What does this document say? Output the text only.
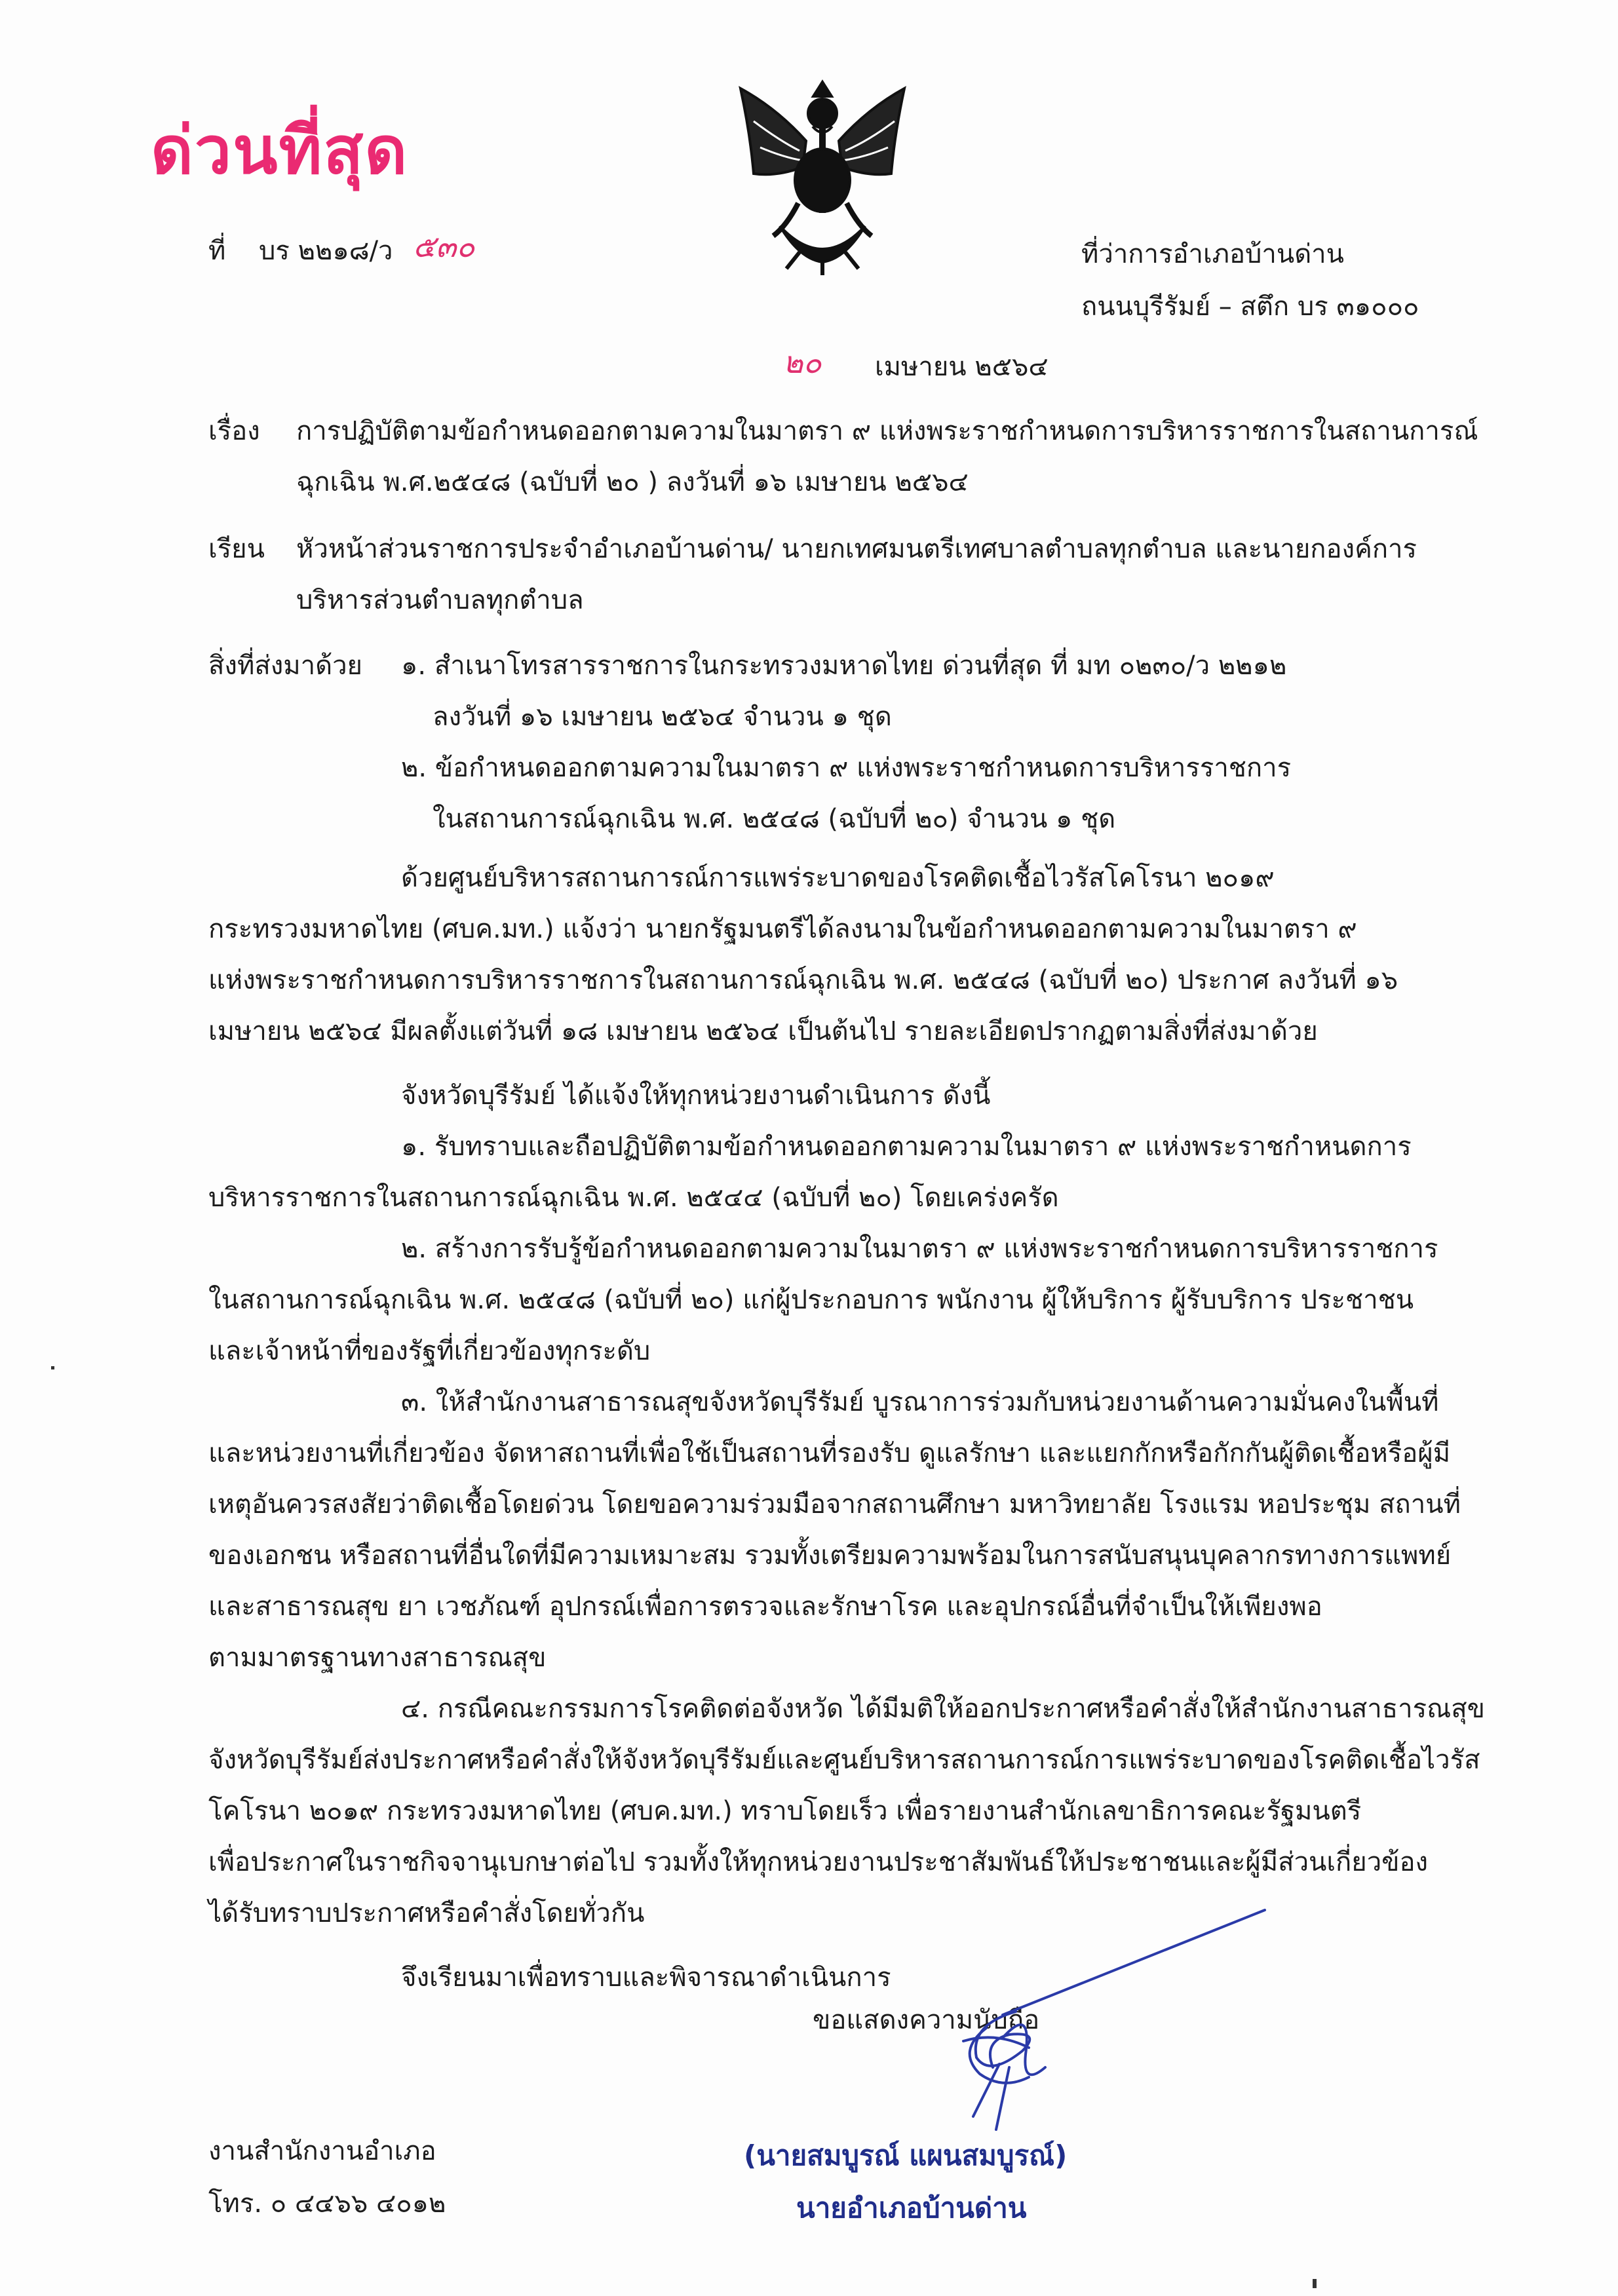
ด่วนที่สุด
ที่ บร ๒๒๑๘/ว ๕๓๐	ที่ว่าการอำเภอบ้านด่าน
ถนนบุรีรัมย์ – สตึก บร ๓๑๐๐๐
๒๐ เมษายน ๒๕๖๔
เรื่อง การปฏิบัติตามข้อกำหนดออกตามความในมาตรา ๙ แห่งพระราชกำหนดการบริหารราชการในสถานการณ์
ฉุกเฉิน พ.ศ.๒๕๔๘ (ฉบับที่ ๒๐ ) ลงวันที่ ๑๖ เมษายน ๒๕๖๔
เรียน หัวหน้าส่วนราชการประจำอำเภอบ้านด่าน/ นายกเทศมนตรีเทศบาลตำบลทุกตำบล และนายกองค์การ
บริหารส่วนตำบลทุกตำบล
สิ่งที่ส่งมาด้วย ๑. สำเนาโทรสารราชการในกระทรวงมหาดไทย ด่วนที่สุด ที่ มท ๐๒๓๐/ว ๒๒๑๒
ลงวันที่ ๑๖ เมษายน ๒๕๖๔ จำนวน ๑ ชุด
๒. ข้อกำหนดออกตามความในมาตรา ๙ แห่งพระราชกำหนดการบริหารราชการ
ในสถานการณ์ฉุกเฉิน พ.ศ. ๒๕๔๘ (ฉบับที่ ๒๐) จำนวน ๑ ชุด
ด้วยศูนย์บริหารสถานการณ์การแพร่ระบาดของโรคติดเชื้อไวรัสโคโรนา ๒๐๑๙
กระทรวงมหาดไทย (ศบค.มท.) แจ้งว่า นายกรัฐมนตรีได้ลงนามในข้อกำหนดออกตามความในมาตรา ๙
แห่งพระราชกำหนดการบริหารราชการในสถานการณ์ฉุกเฉิน พ.ศ. ๒๕๔๘ (ฉบับที่ ๒๐) ประกาศ ลงวันที่ ๑๖
เมษายน ๒๕๖๔ มีผลตั้งแต่วันที่ ๑๘ เมษายน ๒๕๖๔ เป็นต้นไป รายละเอียดปรากฏตามสิ่งที่ส่งมาด้วย
จังหวัดบุรีรัมย์ ได้แจ้งให้ทุกหน่วยงานดำเนินการ ดังนี้
๑. รับทราบและถือปฏิบัติตามข้อกำหนดออกตามความในมาตรา ๙ แห่งพระราชกำหนดการ
บริหารราชการในสถานการณ์ฉุกเฉิน พ.ศ. ๒๕๔๔ (ฉบับที่ ๒๐) โดยเคร่งครัด
๒. สร้างการรับรู้ข้อกำหนดออกตามความในมาตรา ๙ แห่งพระราชกำหนดการบริหารราชการ
ในสถานการณ์ฉุกเฉิน พ.ศ. ๒๕๔๘ (ฉบับที่ ๒๐) แก่ผู้ประกอบการ พนักงาน ผู้ให้บริการ ผู้รับบริการ ประชาชน
และเจ้าหน้าที่ของรัฐที่เกี่ยวข้องทุกระดับ
๓. ให้สำนักงานสาธารณสุขจังหวัดบุรีรัมย์ บูรณาการร่วมกับหน่วยงานด้านความมั่นคงในพื้นที่
และหน่วยงานที่เกี่ยวข้อง จัดหาสถานที่เพื่อใช้เป็นสถานที่รองรับ ดูแลรักษา และแยกกักหรือกักกันผู้ติดเชื้อหรือผู้มี
เหตุอันควรสงสัยว่าติดเชื้อโดยด่วน โดยขอความร่วมมือจากสถานศึกษา มหาวิทยาลัย โรงแรม หอประชุม สถานที่
ของเอกชน หรือสถานที่อื่นใดที่มีความเหมาะสม รวมทั้งเตรียมความพร้อมในการสนับสนุนบุคลากรทางการแพทย์
และสาธารณสุข ยา เวชภัณฑ์ อุปกรณ์เพื่อการตรวจและรักษาโรค และอุปกรณ์อื่นที่จำเป็นให้เพียงพอ
ตามมาตรฐานทางสาธารณสุข
๔. กรณีคณะกรรมการโรคติดต่อจังหวัด ได้มีมติให้ออกประกาศหรือคำสั่งให้สำนักงานสาธารณสุข
จังหวัดบุรีรัมย์ส่งประกาศหรือคำสั่งให้จังหวัดบุรีรัมย์และศูนย์บริหารสถานการณ์การแพร่ระบาดของโรคติดเชื้อไวรัส
โคโรนา ๒๐๑๙ กระทรวงมหาดไทย (ศบค.มท.) ทราบโดยเร็ว เพื่อรายงานสำนักเลขาธิการคณะรัฐมนตรี
เพื่อประกาศในราชกิจจานุเบกษาต่อไป รวมทั้งให้ทุกหน่วยงานประชาสัมพันธ์ให้ประชาชนและผู้มีส่วนเกี่ยวข้อง
ได้รับทราบประกาศหรือคำสั่งโดยทั่วกัน
จึงเรียนมาเพื่อทราบและพิจารณาดำเนินการ
ขอแสดงความนับถือ
(นายสมบูรณ์ แผนสมบูรณ์)
นายอำเภอบ้านด่าน
งานสำนักงานอำเภอ
โทร. ๐ ๔๔๖๖ ๔๐๑๒
